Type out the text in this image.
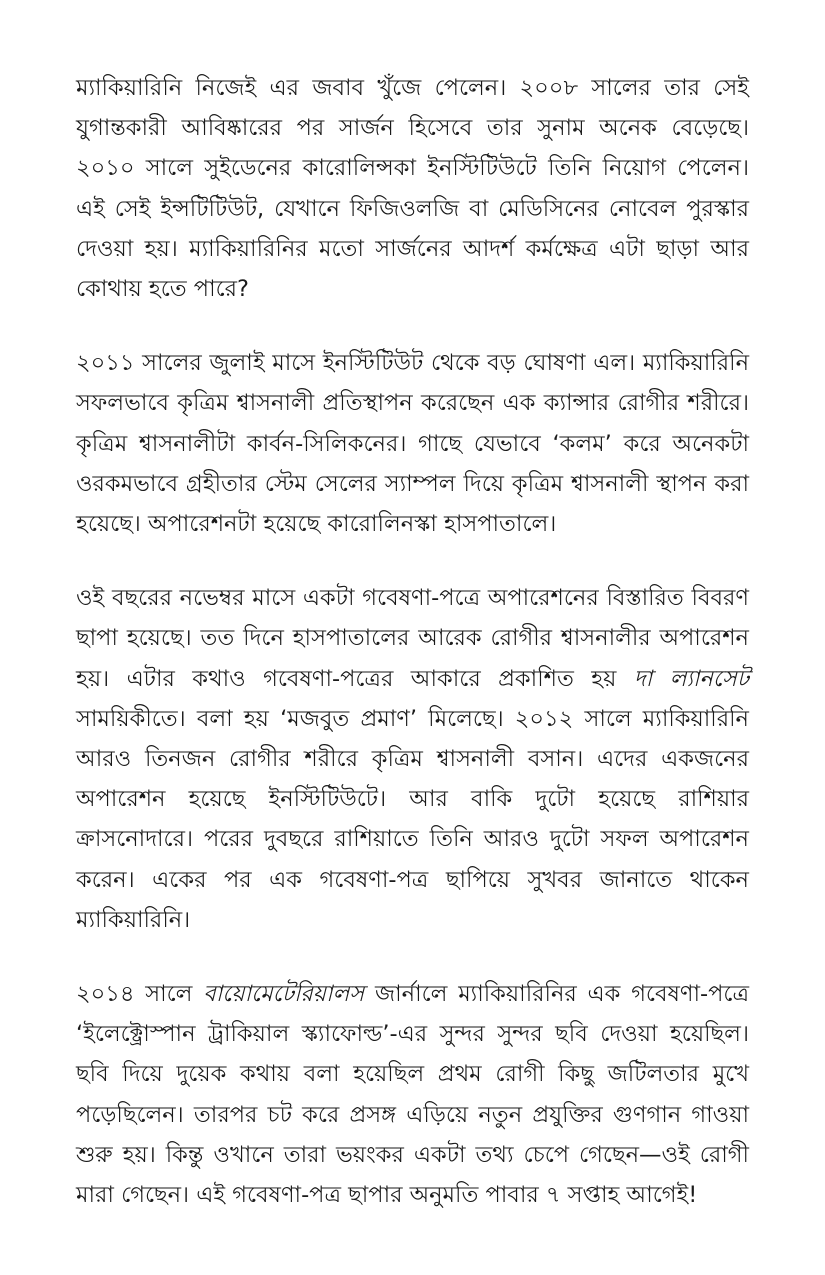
ম্যাকিয়ারিনি নিজেই এর জবাব খুঁজে পেলেন। ২০০৮ সালের তার সেই যুগান্তকারী আবিষ্কারের পর সার্জন হিসেবে তার সুনাম অনেক বেড়েছে। ২০১০ সালে সুইডেনের কারোলিন্সকা ইনস্টিটিউটে তিনি নিয়োগ পেলেন। এই সেই ইন্সটিটিউট, যেখানে ফিজিওলজি বা মেডিসিনের নোবেল পুরস্কার দেওয়া হয়। ম্যাকিয়ারিনির মতো সার্জনের আদর্শ কর্মক্ষেত্র এটা ছাড়া আর কোথায় হতে পারে?

২০১১ সালের জুলাই মাসে ইনস্টিটিউট থেকে বড় ঘোষণা এল। ম্যাকিয়ারিনি সফলভাবে কৃত্রিম শ্বাসনালী প্রতিস্থাপন করেছেন এক ক্যান্সার রোগীর শরীরে। কৃত্রিম শ্বাসনালীটা কার্বন-সিলিকনের। গাছে যেভাবে ‘কলম’ করে অনেকটা ওরকমভাবে গ্রহীতার স্টেম সেলের স্যাম্পল দিয়ে কৃত্রিম শ্বাসনালী স্থাপন করা হয়েছে। অপারেশনটা হয়েছে কারোলিনস্কা হাসপাতালে।

ওই বছরের নভেম্বর মাসে একটা গবেষণা-পত্রে অপারেশনের বিস্তারিত বিবরণ ছাপা হয়েছে। তত দিনে হাসপাতালের আরেক রোগীর শ্বাসনালীর অপারেশন হয়। এটার কথাও গবেষণা-পত্রের আকারে প্রকাশিত হয় দা ল্যানসেট সাময়িকীতে। বলা হয় ‘মজবুত প্রমাণ’ মিলেছে। ২০১২ সালে ম্যাকিয়ারিনি আরও তিনজন রোগীর শরীরে কৃত্রিম শ্বাসনালী বসান। এদের একজনের অপারেশন হয়েছে ইনস্টিটিউটে। আর বাকি দুটো হয়েছে রাশিয়ার ক্রাসনোদারে। পরের দুবছরে রাশিয়াতে তিনি আরও দুটো সফল অপারেশন করেন। একের পর এক গবেষণা-পত্র ছাপিয়ে সুখবর জানাতে থাকেন ম্যাকিয়ারিনি।

২০১৪ সালে বায়োমেটেরিয়ালস জার্নালে ম্যাকিয়ারিনির এক গবেষণা-পত্রে ‘ইলেক্ট্রোস্পান ট্রাকিয়াল স্ক্যাফোল্ড’-এর সুন্দর সুন্দর ছবি দেওয়া হয়েছিল। ছবি দিয়ে দুয়েক কথায় বলা হয়েছিল প্রথম রোগী কিছু জটিলতার মুখে পড়েছিলেন। তারপর চট করে প্রসঙ্গ এড়িয়ে নতুন প্রযুক্তির গুণগান গাওয়া শুরু হয়। কিন্তু ওখানে তারা ভয়ংকর একটা তথ্য চেপে গেছেন—ওই রোগী মারা গেছেন। এই গবেষণা-পত্র ছাপার অনুমতি পাবার ৭ সপ্তাহ আগেই!
